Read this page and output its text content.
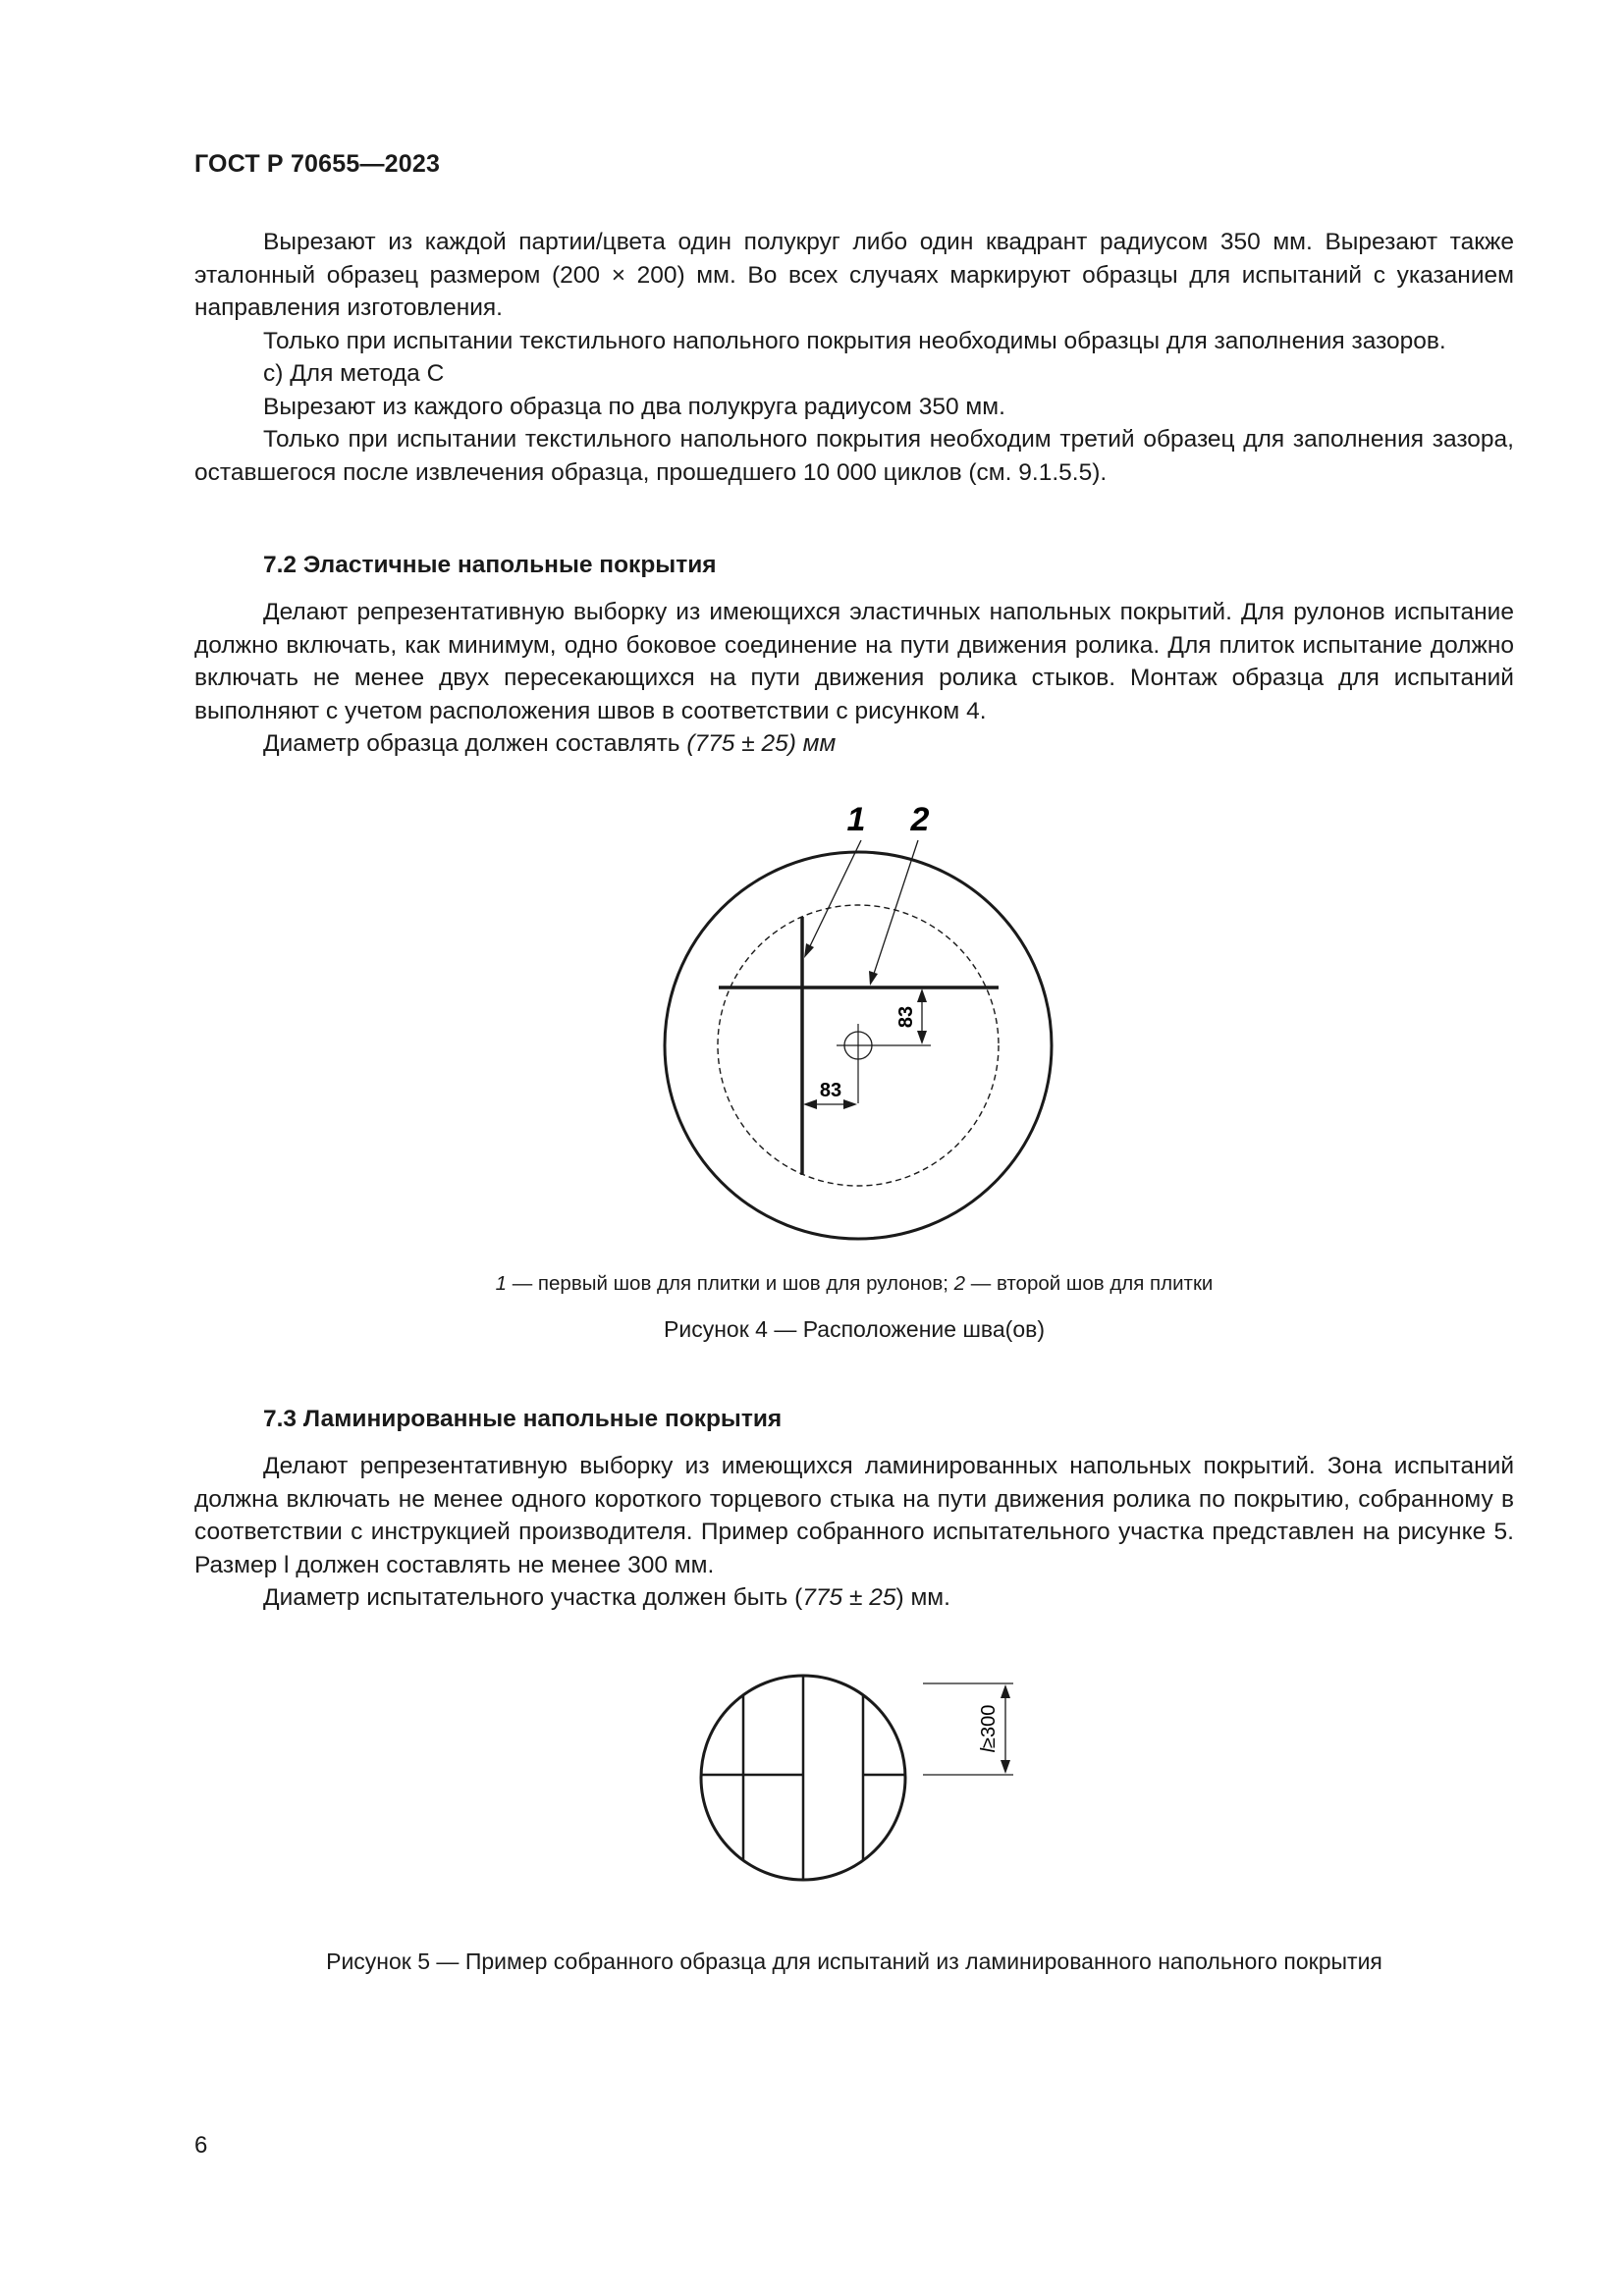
ГОСТ Р 70655—2023

Вырезают из каждой партии/цвета один полукруг либо один квадрант радиусом 350 мм. Вырезают также эталонный образец размером (200 × 200) мм. Во всех случаях маркируют образцы для испытаний с указанием направления изготовления.

Только при испытании текстильного напольного покрытия необходимы образцы для заполнения зазоров.

с) Для метода С

Вырезают из каждого образца по два полукруга радиусом 350 мм.

Только при испытании текстильного напольного покрытия необходим третий образец для заполнения зазора, оставшегося после извлечения образца, прошедшего 10 000 циклов (см. 9.1.5.5).

7.2 Эластичные напольные покрытия

Делают репрезентативную выборку из имеющихся эластичных напольных покрытий. Для рулонов испытание должно включать, как минимум, одно боковое соединение на пути движения ролика. Для плиток испытание должно включать не менее двух пересекающихся на пути движения ролика стыков. Монтаж образца для испытаний выполняют с учетом расположения швов в соответствии с рисунком 4.

Диаметр образца должен составлять (775 ± 25) мм

1 2
83
83
1 — первый шов для плитки и шов для рулонов; 2 — второй шов для плитки
Рисунок 4 — Расположение шва(ов)
7.3 Ламинированные напольные покрытия

Делают репрезентативную выборку из имеющихся ламинированных напольных покрытий. Зона испытаний должна включать не менее одного короткого торцевого стыка на пути движения ролика по покрытию, собранному в соответствии с инструкцией производителя. Пример собранного испытательного участка представлен на рисунке 5. Размер l должен составлять не менее 300 мм.

Диаметр испытательного участка должен быть (775 ± 25) мм.

l≥300
Рисунок 5 — Пример собранного образца для испытаний из ламинированного напольного покрытия
6
